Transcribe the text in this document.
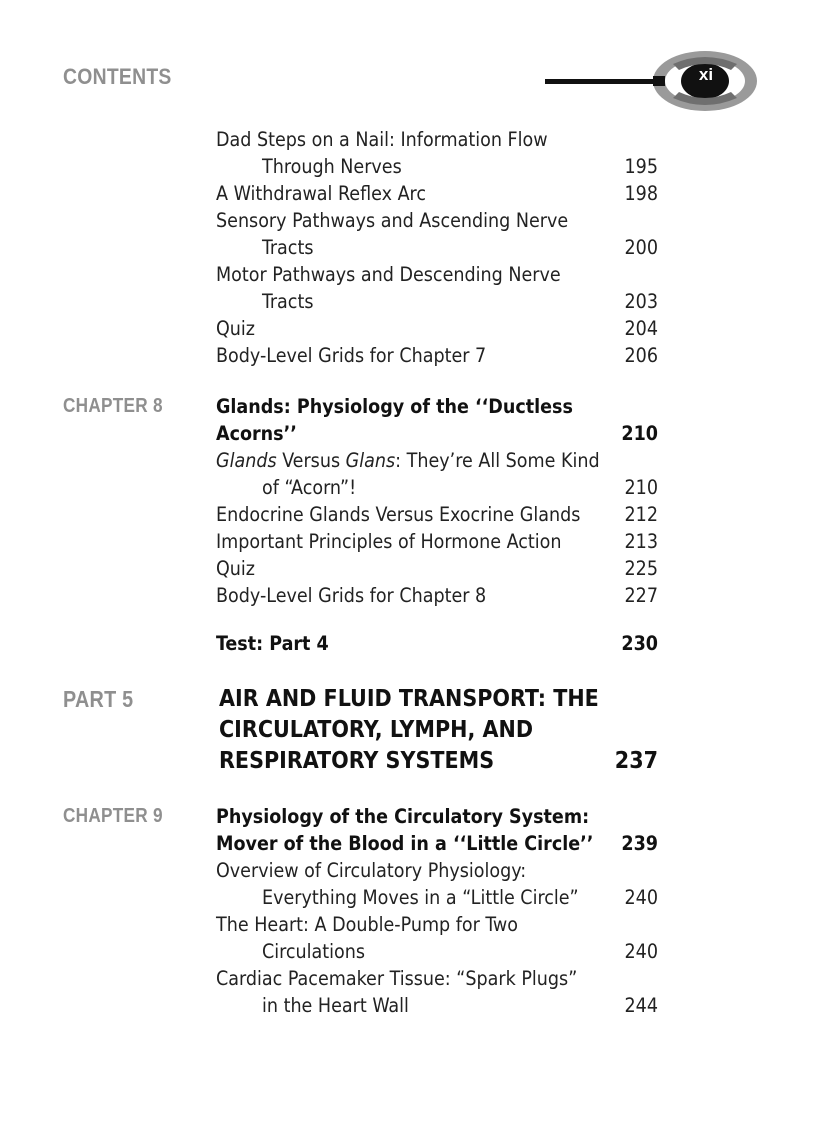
CONTENTS	xi
Dad Steps on a Nail: Information Flow
Through Nerves	195
A Withdrawal Reflex Arc	198
Sensory Pathways and Ascending Nerve
Tracts	200
Motor Pathways and Descending Nerve
Tracts	203
Quiz	204
Body-Level Grids for Chapter 7	206
CHAPTER 8	Glands: Physiology of the ‘‘Ductless
Acorns’’	210
Glands Versus Glans: They’re All Some Kind
of “Acorn”!	210
Endocrine Glands Versus Exocrine Glands	212
Important Principles of Hormone Action	213
Quiz	225
Body-Level Grids for Chapter 8	227
Test: Part 4	230
PART 5	AIR AND FLUID TRANSPORT: THE
CIRCULATORY, LYMPH, AND
RESPIRATORY SYSTEMS	237
CHAPTER 9	Physiology of the Circulatory System:
Mover of the Blood in a ‘‘Little Circle’’	239
Overview of Circulatory Physiology:
Everything Moves in a “Little Circle”	240
The Heart: A Double-Pump for Two
Circulations	240
Cardiac Pacemaker Tissue: “Spark Plugs”
in the Heart Wall	244
